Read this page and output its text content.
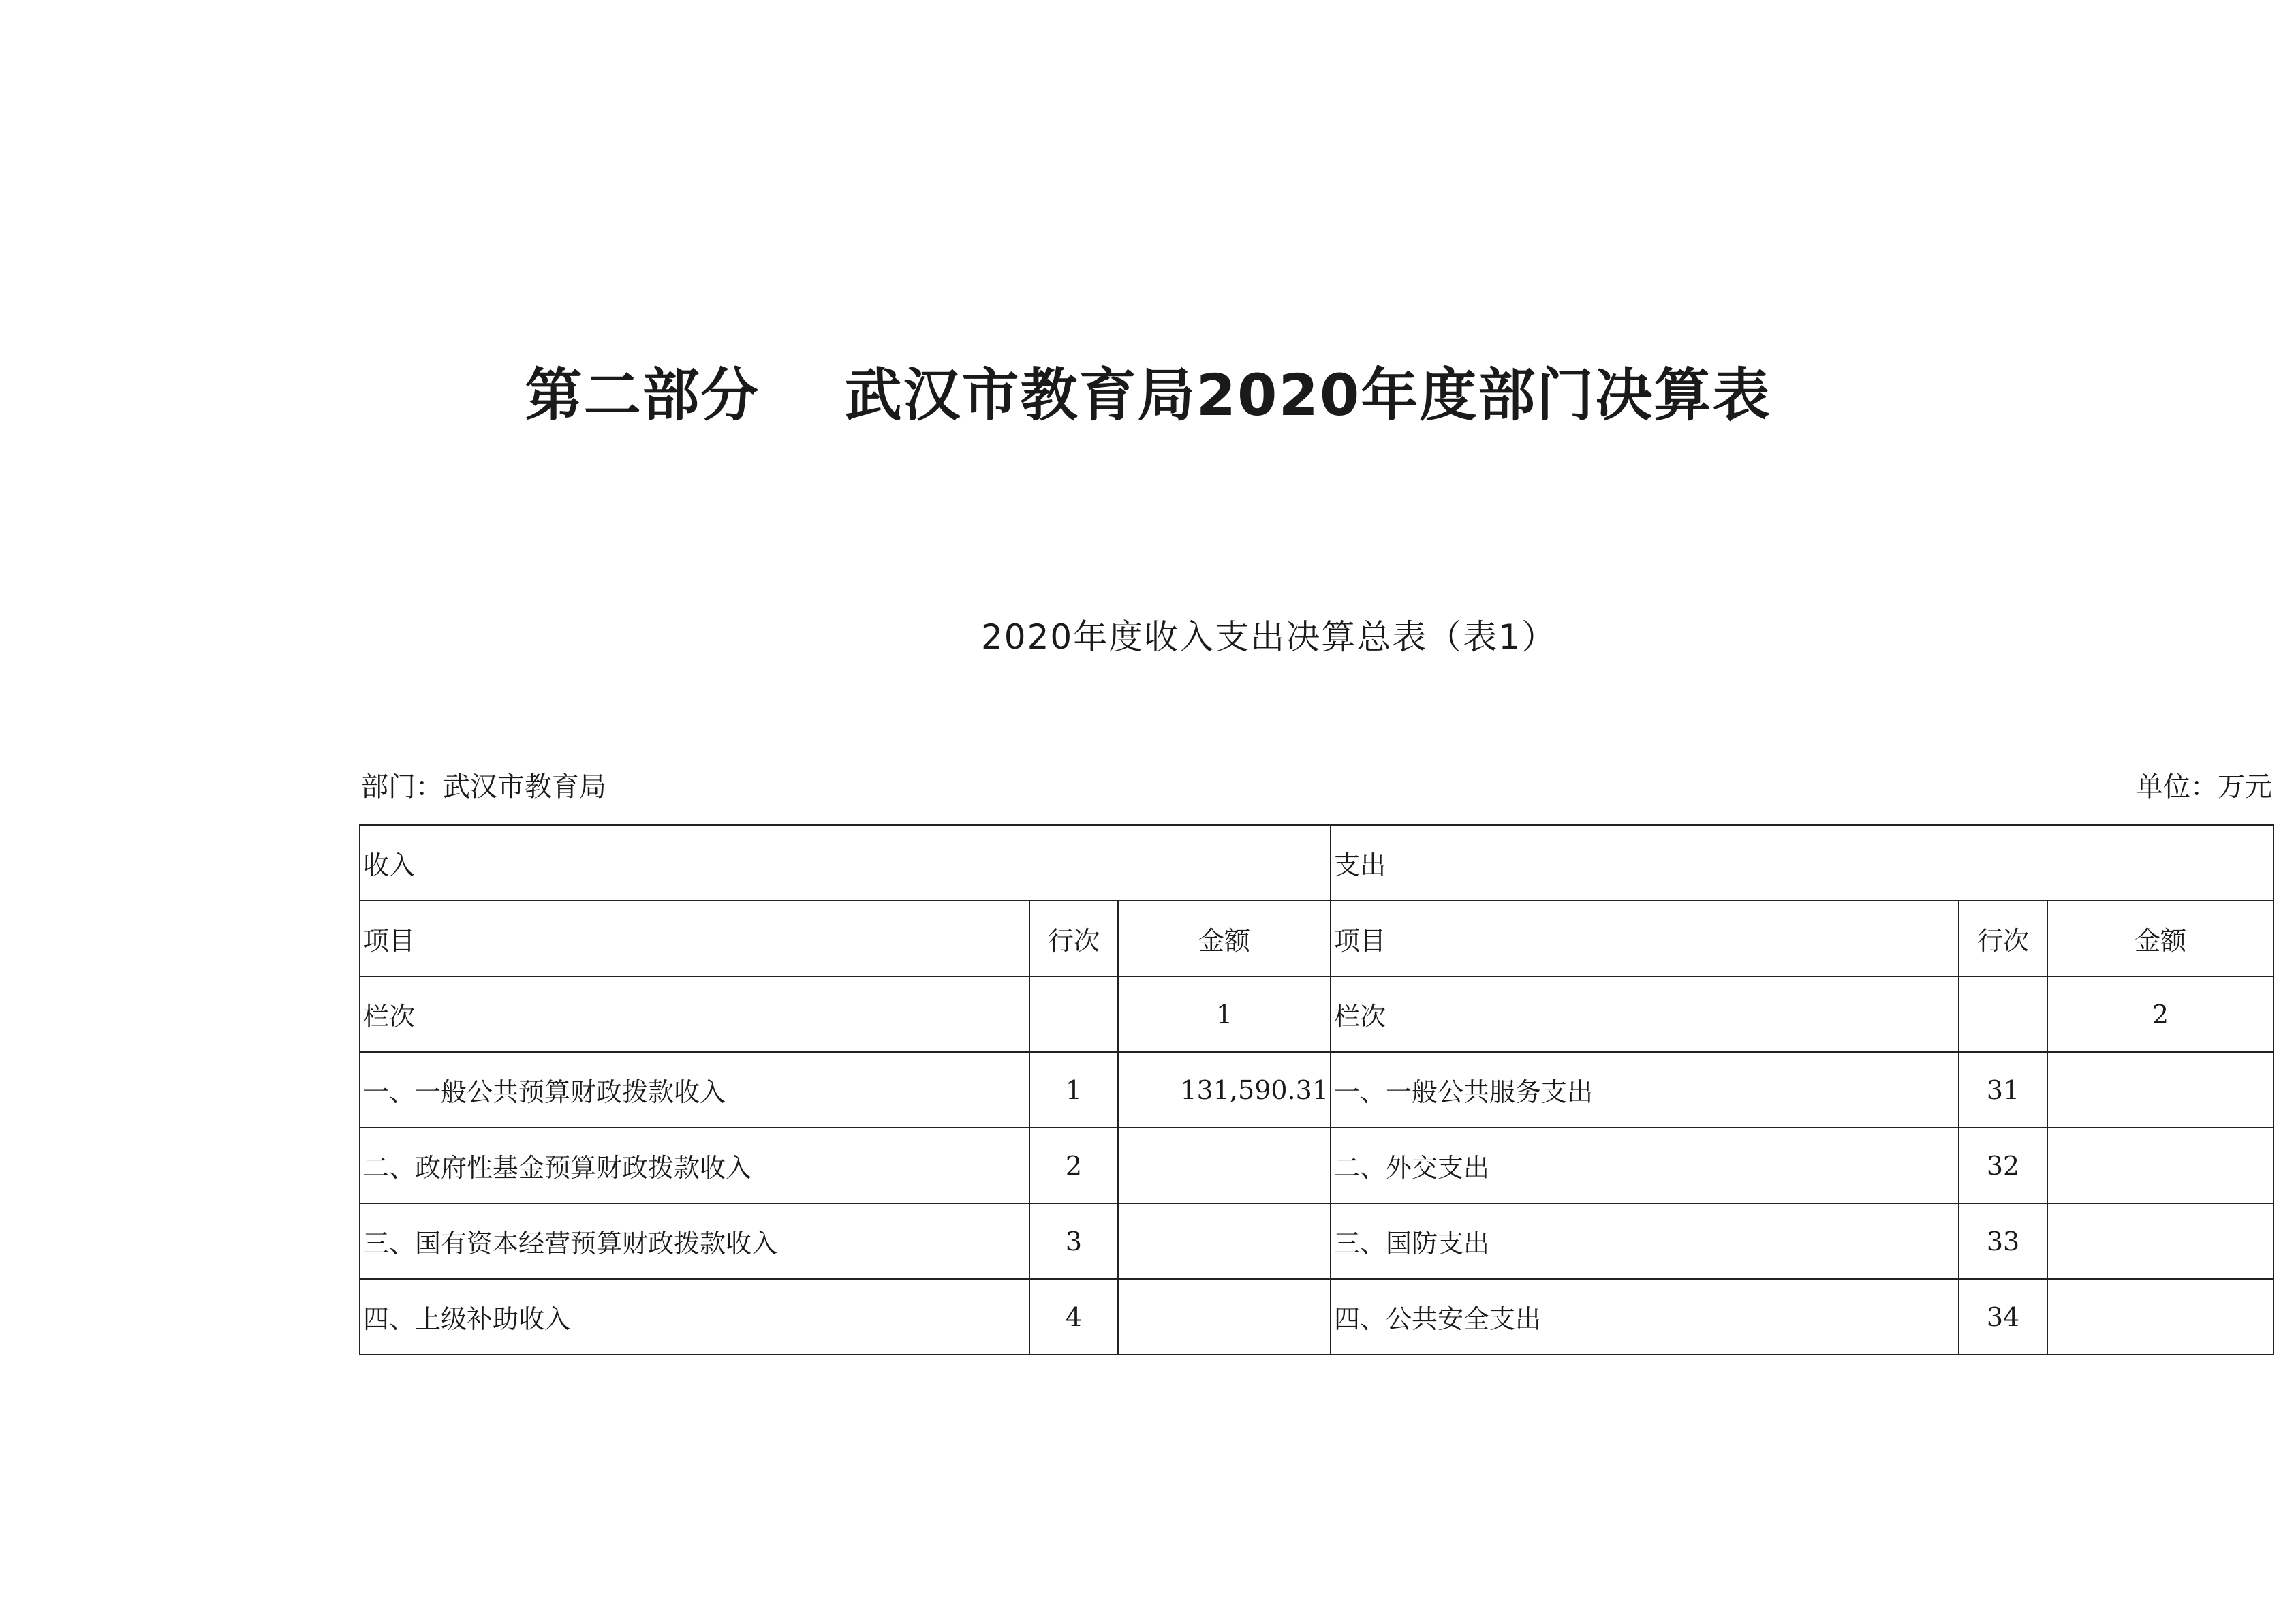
第二部分    武汉市教育局2020年度部门决算表
2020年度收入支出决算总表（表1）
部门：武汉市教育局	单位：万元
收入			支出		
项目	行次	金额	项目	行次	金额
栏次		1	栏次		2
一、一般公共预算财政拨款收入	1	131,590.31	一、一般公共服务支出	31	
二、政府性基金预算财政拨款收入	2		二、外交支出	32	
三、国有资本经营预算财政拨款收入	3		三、国防支出	33	
四、上级补助收入	4		四、公共安全支出	34	
